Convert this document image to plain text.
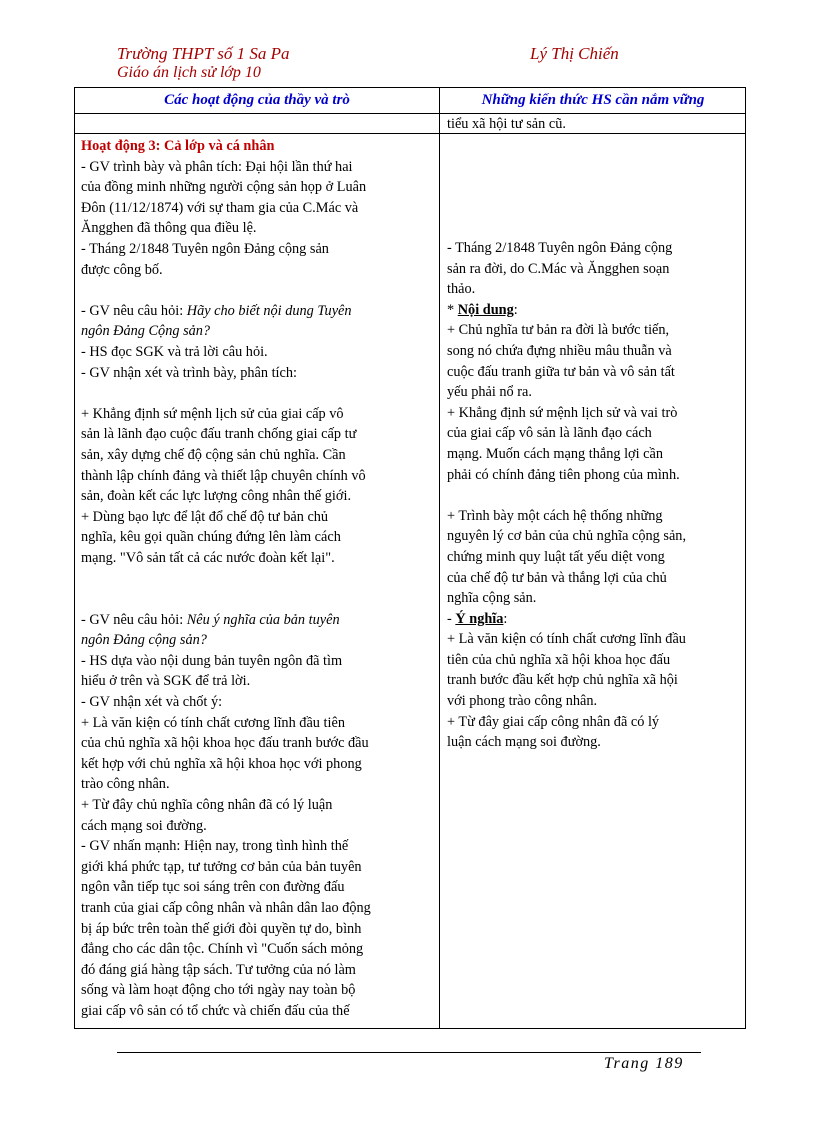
Trường THPT số 1 Sa Pa	Lý Thị Chiến
Giáo án lịch sử lớp 10
Các hoạt động của thầy và trò	Những kiến thức HS cần nắm vững
tiểu xã hội tư sản cũ.
Hoạt động 3: Cả lớp và cá nhân
- GV trình bày và phân tích: Đại hội lần thứ hai
của đồng minh những người cộng sản họp ở Luân
Đôn (11/12/1874) với sự tham gia của C.Mác và
Ăngghen đã thông qua điều lệ.
- Tháng 2/1848 Tuyên ngôn Đảng cộng sản
được công bố.
- GV nêu câu hỏi: Hãy cho biết nội dung Tuyên
ngôn Đảng Cộng sản?
- HS đọc SGK và trả lời câu hỏi.
- GV nhận xét và trình bày, phân tích:
+ Khẳng định sứ mệnh lịch sử của giai cấp vô
sản là lãnh đạo cuộc đấu tranh chống giai cấp tư
sản, xây dựng chế độ cộng sản chủ nghĩa. Cần
thành lập chính đảng và thiết lập chuyên chính vô
sản, đoàn kết các lực lượng công nhân thế giới.
+ Dùng bạo lực để lật đổ chế độ tư bản chủ
nghĩa, kêu gọi quần chúng đứng lên làm cách
mạng. "Vô sản tất cả các nước đoàn kết lại".
- GV nêu câu hỏi: Nêu ý nghĩa của bản tuyên
ngôn Đảng cộng sản?
- HS dựa vào nội dung bản tuyên ngôn đã tìm
hiểu ở trên và SGK để trả lời.
- GV nhận xét và chốt ý:
+ Là văn kiện có tính chất cương lĩnh đầu tiên
của chủ nghĩa xã hội khoa học đấu tranh bước đầu
kết hợp với chủ nghĩa xã hội khoa học với phong
trào công nhân.
+ Từ đây chủ nghĩa công nhân đã có lý luận
cách mạng soi đường.
- GV nhấn mạnh: Hiện nay, trong tình hình thế
giới khá phức tạp, tư tưởng cơ bản của bản tuyên
ngôn vẫn tiếp tục soi sáng trên con đường đấu
tranh của giai cấp công nhân và nhân dân lao động
bị áp bức trên toàn thế giới đòi quyền tự do, bình
đẳng cho các dân tộc. Chính vì "Cuốn sách mỏng
đó đáng giá hàng tập sách. Tư tưởng của nó làm
sống và làm hoạt động cho tới ngày nay toàn bộ
giai cấp vô sản có tổ chức và chiến đấu của thế
- Tháng 2/1848 Tuyên ngôn Đảng cộng
sản ra đời, do C.Mác và Ăngghen soạn
thảo.
* Nội dung:
+ Chủ nghĩa tư bản ra đời là bước tiến,
song nó chứa đựng nhiều mâu thuẫn và
cuộc đấu tranh giữa tư bản và vô sản tất
yếu phải nổ ra.
+ Khẳng định sứ mệnh lịch sử và vai trò
của giai cấp vô sản là lãnh đạo cách
mạng. Muốn cách mạng thắng lợi cần
phải có chính đảng tiên phong của mình.
+ Trình bày một cách hệ thống những
nguyên lý cơ bản của chủ nghĩa cộng sản,
chứng minh quy luật tất yếu diệt vong
của chế độ tư bản và thắng lợi của chủ
nghĩa cộng sản.
- Ý nghĩa:
+ Là văn kiện có tính chất cương lĩnh đầu
tiên của chủ nghĩa xã hội khoa học đấu
tranh bước đầu kết hợp chủ nghĩa xã hội
với phong trào công nhân.
+ Từ đây giai cấp công nhân đã có lý
luận cách mạng soi đường.
Trang 189
